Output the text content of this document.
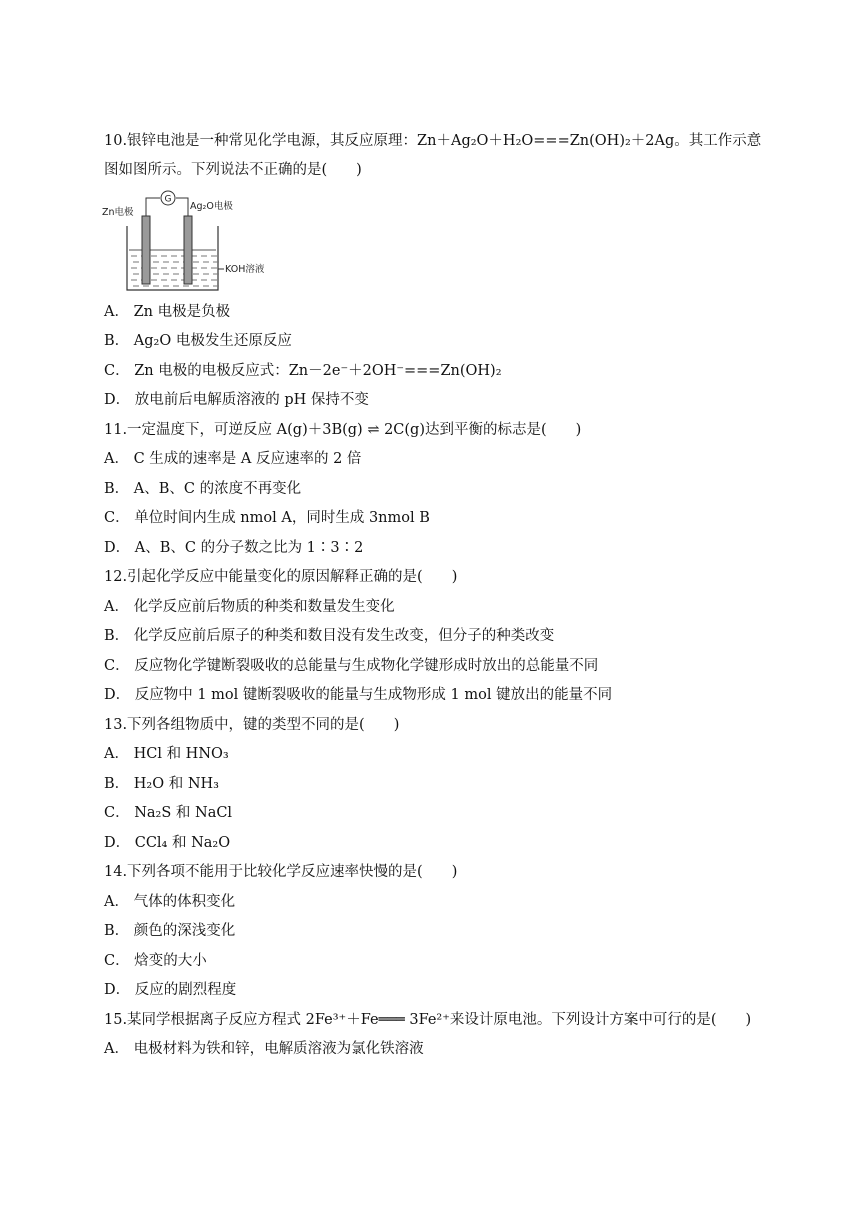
10.银锌电池是一种常见化学电源，其反应原理：Zn＋Ag₂O＋H₂O===Zn(OH)₂＋2Ag。其工作示意
图如图所示。下列说法不正确的是(　　)
G
Zn电极
Ag₂O电极
KOH溶液
A． Zn 电极是负极
B． Ag₂O 电极发生还原反应
C． Zn 电极的电极反应式：Zn－2e⁻＋2OH⁻===Zn(OH)₂
D． 放电前后电解质溶液的 pH 保持不变
11.一定温度下，可逆反应 A(g)＋3B(g) ⇌ 2C(g)达到平衡的标志是(　　)
A． C 生成的速率是 A 反应速率的 2 倍
B． A、B、C 的浓度不再变化
C． 单位时间内生成 nmol A，同时生成 3nmol B
D． A、B、C 的分子数之比为 1∶3∶2
12.引起化学反应中能量变化的原因解释正确的是(　　)
A． 化学反应前后物质的种类和数量发生变化
B． 化学反应前后原子的种类和数目没有发生改变，但分子的种类改变
C． 反应物化学键断裂吸收的总能量与生成物化学键形成时放出的总能量不同
D． 反应物中 1 mol 键断裂吸收的能量与生成物形成 1 mol 键放出的能量不同
13.下列各组物质中，键的类型不同的是(　　)
A． HCl 和 HNO₃
B． H₂O 和 NH₃
C． Na₂S 和 NaCl
D． CCl₄ 和 Na₂O
14.下列各项不能用于比较化学反应速率快慢的是(　　)
A． 气体的体积变化
B． 颜色的深浅变化
C． 焓变的大小
D． 反应的剧烈程度
15.某同学根据离子反应方程式 2Fe³⁺＋Fe═══ 3Fe²⁺来设计原电池。下列设计方案中可行的是(　　)
A． 电极材料为铁和锌，电解质溶液为氯化铁溶液
